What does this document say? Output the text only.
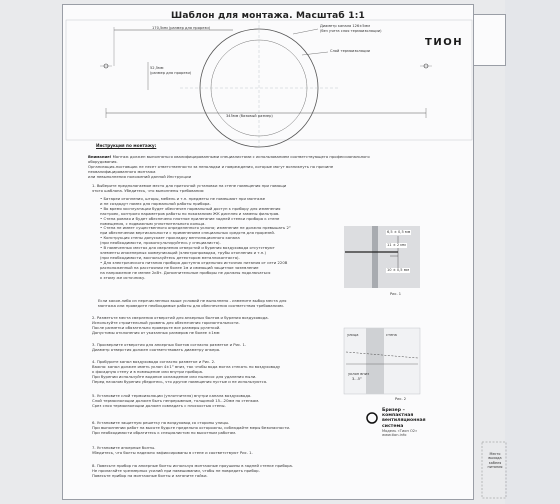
Шаблон для монтажа. Масштаб 1:1
ТИОН
170,5мм (размер для прорези)	Диаметр канала 126±5мм
(без учета слоя термоизоляции)
Слой термоизоляции
52,5мм
(размер для прорези)
345мм (базовый размер)
Инструкция по монтажу:
Внимание! Монтаж должен выполняться квалифицированными специалистами с использованием соответствующего профессионального оборудования.
Организация-поставщик не несет ответственности за неполадки и повреждения, которые могут возникнуть по причине неквалифицированного монтажа
или невыполнения положений данной Инструкции
1. Выберите предполагаемое место для приточной установки на стене помещения при помощи
этого шаблона. Убедитесь, что выполнены требования:
• Батареи отопления, шторы, мебель и т.п. предметы не помешают при монтаже
и не создадут помех для нормальной работы прибора.
• Во время эксплуатации будет обеспечен нормальный доступ к прибору для изменения
настроек, контроля параметров работы по показаниям ЖК дисплея и замены фильтров.
• Стена ровная и будет обеспечено плотное прилегание задней стенки прибора к стене
помещения, с подвижным уплотнительного кольца.
• Стена не имеет существенного определенного уклона; изменение не должно превышать 2°
при обеспечении вертикальности с применением специальных средств для прорезей.
• Конструкция стены допускает прокладку вентиляционного канала
(при необходимости, проконсультируйтесь у специалиста).
• В намеченных местах для сверления отверстий и бурения воздуховода отсутствуют
элементы инженерных коммуникаций (электропроводка, трубы отопления и т.п.)
(при необходимости, воспользуйтесь детектором металлоконтакта).
• Для электрического питания прибора доступна отдельная источник питания от сети 220В
расположенный на расстоянии не более 1м и имеющий защитное заземление
на напряжение не менее 2кВт. Дополнительные приборы не должны подключаться
к этому же источнику.
Если какое-либо из перечисленных выше условий не выполнено - измените выбор места для
монтажа или проведите необходимые работы для обеспечения соответствия требованиям.
2. Разметьте места сверления отверстий для анкерных болтов и бурения воздуховода.
Используйте строительный уровень для обеспечения горизонтальности.
После разметки обязательно проверьте все размеры рулеткой.
Допустимы отклонения от указанных размеров не более ±1мм
3. Просверлите отверстия для анкерных болтов согласно разметке и Рис. 1.
Диаметр отверстия должен соответствовать диаметру анкера.
4. Пробурите канал воздуховода согласно разметке и Рис. 2.
Важно: канал должен иметь уклон 4±1° вниз, так чтобы вода могла стекать по воздуховоду
к фасадную стену и в помещение или внутри прибора.
При бурении используйте водяное охлаждение или пылесос для удаления пыли.
Перед началом бурения убедитесь, что другие помещения пустые и не используются.
5. Установите слой термоизоляции (уплотнителя) внутри канала воздуховода.
Слой термоизоляции должен быть непрерывным, толщиной 15...20мм по стенкам.
Срез слоя термоизоляции должен совпадать с плоскостью стены.
6. Установите защитную решетку на воздуховод со стороны улицы.
При выполнении работ на высоте будьте предельно осторожны, соблюдайте меры безопасности.
При необходимости обратитесь к специалистом по высотным работам.
7. Установите анкерные болты.
Убедитесь, что болты надежно зафиксированы в стене и соответствуют Рис. 1.
8. Повесьте прибор на анкерные болты используя монтажные проушины в задней стенке прибора.
Не прилагайте чрезмерных усилий при навешивании, чтобы не повредить прибор.
Повесьте прибор на монтажные болты и затяните гайки.
6,5 ± 0,5 мм
11 ± 2 мм
10 ± 0,5 мм
Рис. 1
улица	стена
уклон вниз
3...5°
Рис. 2
Бризер –
компактная
вентиляционная
система
Модель «Тион O2»
www.tion.info
Место
выхода
кабеля
питания
